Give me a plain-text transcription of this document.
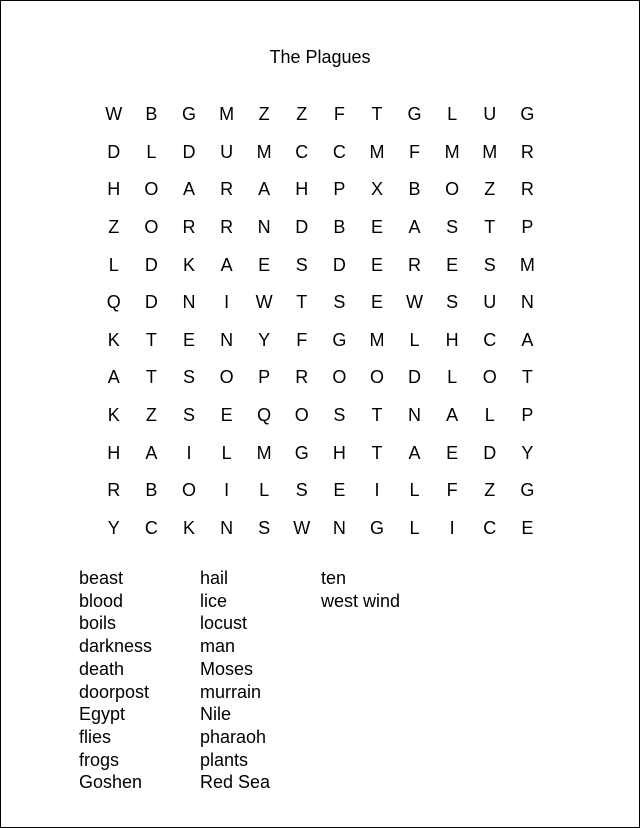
The Plagues
W	B	G	M	Z	Z	F	T	G	L	U	G
D	L	D	U	M	C	C	M	F	M	M	R
H	O	A	R	A	H	P	X	B	O	Z	R
Z	O	R	R	N	D	B	E	A	S	T	P
L	D	K	A	E	S	D	E	R	E	S	M
Q	D	N	I	W	T	S	E	W	S	U	N
K	T	E	N	Y	F	G	M	L	H	C	A
A	T	S	O	P	R	O	O	D	L	O	T
K	Z	S	E	Q	O	S	T	N	A	L	P
H	A	I	L	M	G	H	T	A	E	D	Y
R	B	O	I	L	S	E	I	L	F	Z	G
Y	C	K	N	S	W	N	G	L	I	C	E
beast
blood
boils
darkness
death
doorpost
Egypt
flies
frogs
Goshen
hail
lice
locust
man
Moses
murrain
Nile
pharaoh
plants
Red Sea
ten
west wind
